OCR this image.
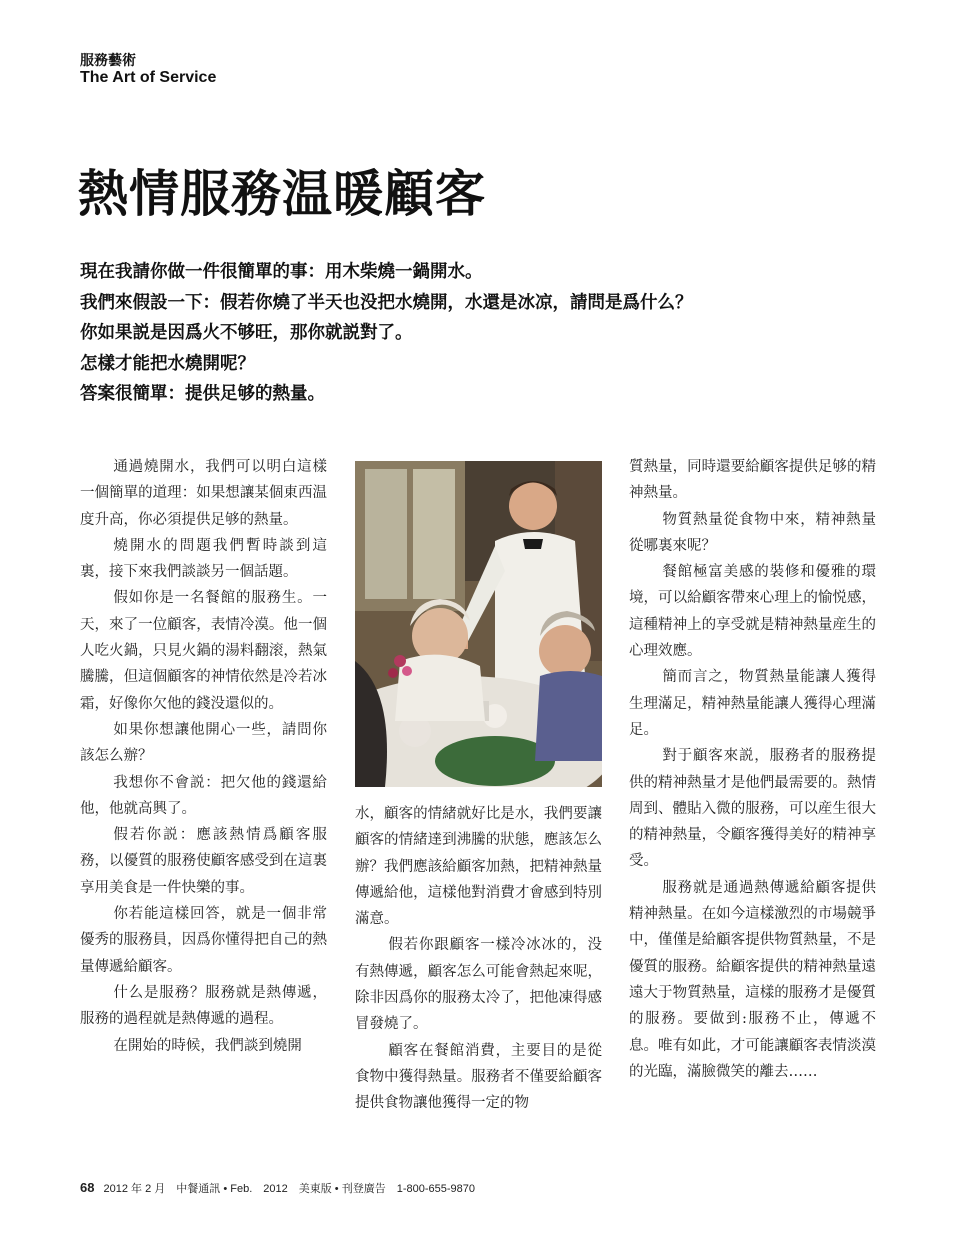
服務藝術
The Art of Service
熱情服務温暖顧客
現在我請你做一件很簡單的事：用木柴燒一鍋開水。
我們來假設一下：假若你燒了半天也没把水燒開，水還是冰凉，請問是爲什么？
你如果説是因爲火不够旺，那你就説對了。
怎樣才能把水燒開呢？
答案很簡單：提供足够的熱量。

通過燒開水，我們可以明白這樣一個簡單的道理：如果想讓某個東西温度升高，你必須提供足够的熱量。

燒開水的問題我們暫時談到這裏，接下來我們談談另一個話題。

假如你是一名餐館的服務生。一天，來了一位顧客，表情冷漠。他一個人吃火鍋，只見火鍋的湯料翻滚，熱氣騰騰，但這個顧客的神情依然是冷若冰霜，好像你欠他的錢没還似的。

如果你想讓他開心一些，請問你該怎么辦？

我想你不會説：把欠他的錢還給他，他就高興了。

假若你説：應該熱情爲顧客服務，以優質的服務使顧客感受到在這裏享用美食是一件快樂的事。

你若能這樣回答，就是一個非常優秀的服務員，因爲你懂得把自己的熱量傳遞給顧客。

什么是服務？服務就是熱傳遞，服務的過程就是熱傳遞的過程。

在開始的時候，我們談到燒開

水，顧客的情緒就好比是水，我們要讓顧客的情緒達到沸騰的狀態，應該怎么辦？我們應該給顧客加熱，把精神熱量傳遞給他，這樣他對消費才會感到特別滿意。

假若你跟顧客一樣冷冰冰的，没有熱傳遞，顧客怎么可能會熱起來呢，除非因爲你的服務太冷了，把他凍得感冒發燒了。

顧客在餐館消費，主要目的是從食物中獲得熱量。服務者不僅要給顧客提供食物讓他獲得一定的物

質熱量，同時還要給顧客提供足够的精神熱量。

物質熱量從食物中來，精神熱量從哪裏來呢？

餐館極富美感的裝修和優雅的環境，可以給顧客帶來心理上的愉悦感，這種精神上的享受就是精神熱量産生的心理效應。

簡而言之，物質熱量能讓人獲得生理滿足，精神熱量能讓人獲得心理滿足。

對于顧客來説，服務者的服務提供的精神熱量才是他們最需要的。熱情周到、體貼入微的服務，可以産生很大的精神熱量，令顧客獲得美好的精神享受。

服務就是通過熱傳遞給顧客提供精神熱量。在如今這樣激烈的市場競爭中，僅僅是給顧客提供物質熱量，不是優質的服務。給顧客提供的精神熱量遠遠大于物質熱量，這樣的服務才是優質的服務。要做到:服務不止，傳遞不息。唯有如此，才可能讓顧客表情淡漠的光臨，滿臉微笑的離去……

68 2012 年 2 月　中餐通訊 • Feb.　2012　美東版 • 刊登廣告　1-800-655-9870
